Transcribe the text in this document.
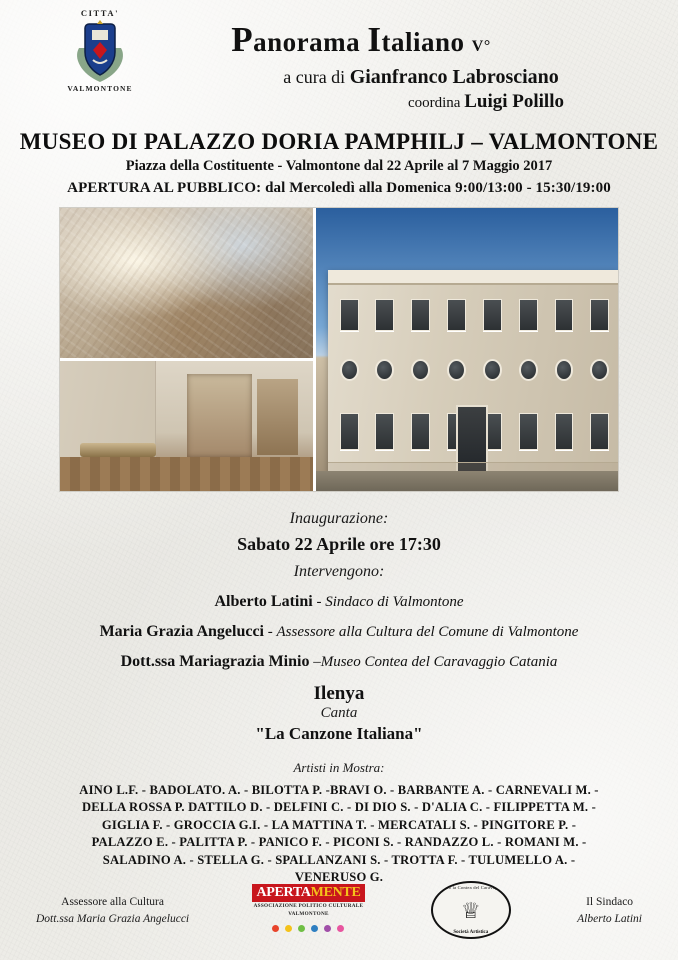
CITTA'
VALMONTONE
Panorama Italiano V°
a cura di Gianfranco Labrosciano
coordina Luigi Polillo
MUSEO DI PALAZZO DORIA PAMPHILJ – VALMONTONE
Piazza della Costituente - Valmontone dal 22 Aprile al 7 Maggio 2017
APERTURA AL PUBBLICO: dal Mercoledì alla Domenica 9:00/13:00 - 15:30/19:00
Inaugurazione:
Sabato 22 Aprile ore 17:30
Intervengono:
Alberto Latini - Sindaco di Valmontone
Maria Grazia Angelucci - Assessore alla Cultura del Comune di Valmontone
Dott.ssa Mariagrazia Minio –Museo Contea del Caravaggio Catania
Ilenya
Canta
"La Canzone Italiana"
Artisti in Mostra:
AINO L.F. - BADOLATO. A. - BILOTTA P. -BRAVI O. - BARBANTE A. - CARNEVALI M. -
DELLA ROSSA P. DATTILO D. - DELFINI C. - DI DIO S. - D'ALIA C. - FILIPPETTA M. -
GIGLIA F. - GROCCIA G.I. - LA MATTINA T. - MERCATALI S. - PINGITORE P. -
PALAZZO E. - PALITTA P. - PANICO F. - PICONI S. - RANDAZZO L. - ROMANI M. -
SALADINO A. - STELLA G. - SPALLANZANI S. - TROTTA F. - TULUMELLO A. -
VENERUSO G.
Assessore alla Cultura
Dott.ssa Maria Grazia Angelucci
APERTAMENTE
ASSOCIAZIONE POLITICO CULTURALE
VALMONTONE

Museo la Contea del Caravaggio
♕
Società Artistica
Il Sindaco
Alberto Latini
